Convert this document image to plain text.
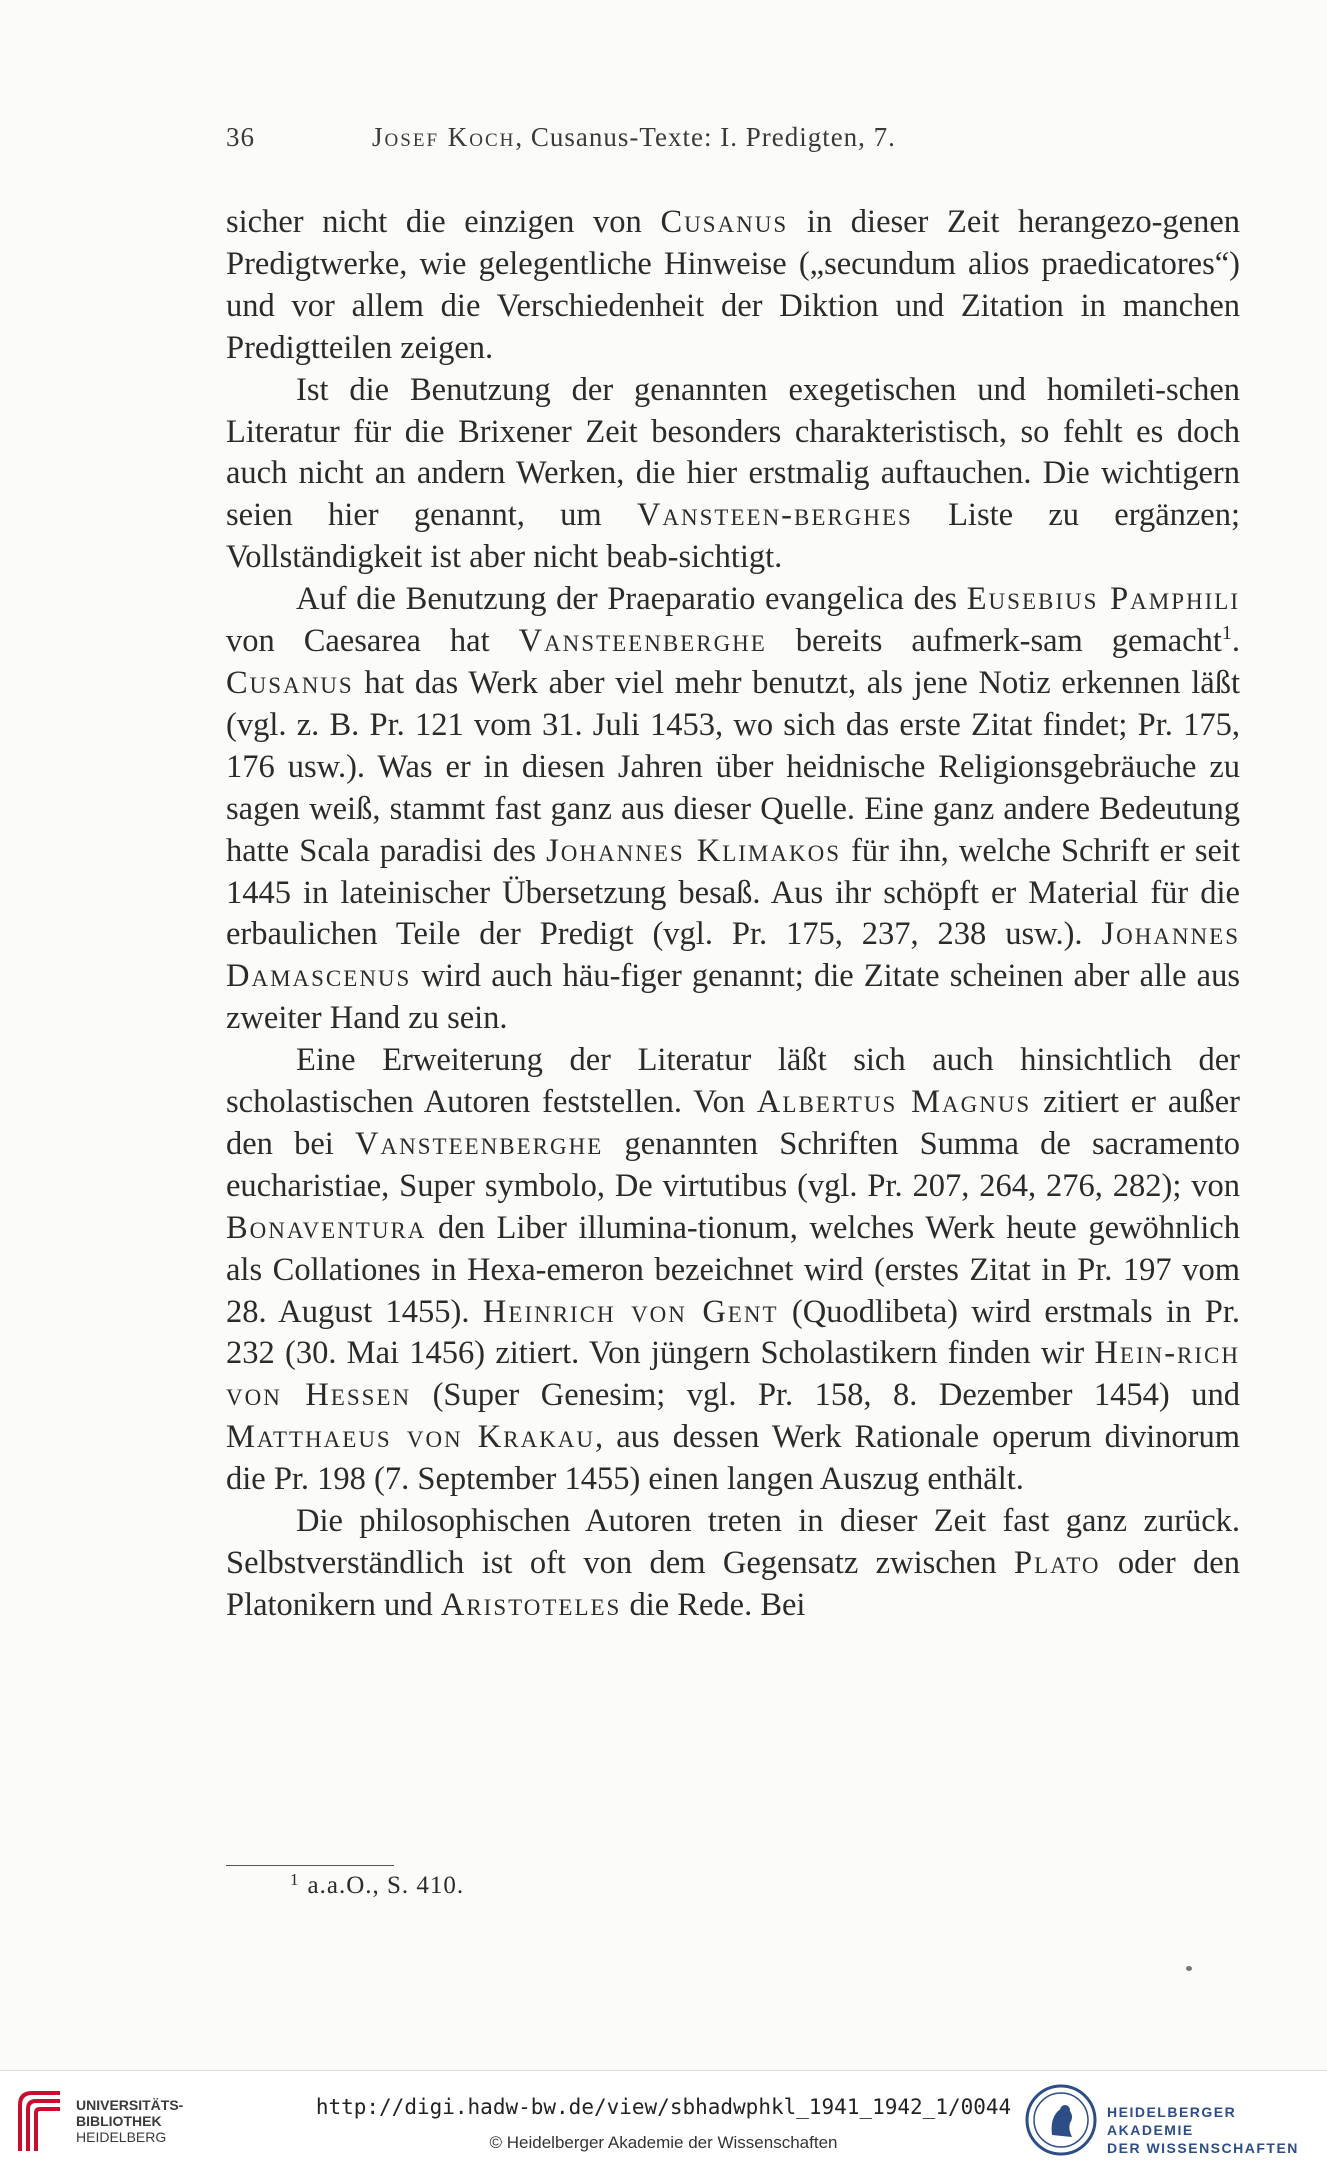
36	Josef Koch, Cusanus-Texte: I. Predigten, 7.

sicher nicht die einzigen von Cusanus in dieser Zeit herangezo-genen Predigtwerke, wie gelegentliche Hinweise („secundum alios praedicatores“) und vor allem die Verschiedenheit der Diktion und Zitation in manchen Predigtteilen zeigen.

Ist die Benutzung der genannten exegetischen und homileti-schen Literatur für die Brixener Zeit besonders charakteristisch, so fehlt es doch auch nicht an andern Werken, die hier erstmalig auftauchen. Die wichtigern seien hier genannt, um Vansteen-berghes Liste zu ergänzen; Vollständigkeit ist aber nicht beab-sichtigt.

Auf die Benutzung der Praeparatio evangelica des Eusebius Pamphili von Caesarea hat Vansteenberghe bereits aufmerk-sam gemacht$^1$. Cusanus hat das Werk aber viel mehr benutzt, als jene Notiz erkennen läßt (vgl. z. B. Pr. 121 vom 31. Juli 1453, wo sich das erste Zitat findet; Pr. 175, 176 usw.). Was er in diesen Jahren über heidnische Religionsgebräuche zu sagen weiß, stammt fast ganz aus dieser Quelle. Eine ganz andere Bedeutung hatte Scala paradisi des Johannes Klimakos für ihn, welche Schrift er seit 1445 in lateinischer Übersetzung besaß. Aus ihr schöpft er Material für die erbaulichen Teile der Predigt (vgl. Pr. 175, 237, 238 usw.). Johannes Damascenus wird auch häu-figer genannt; die Zitate scheinen aber alle aus zweiter Hand zu sein.

Eine Erweiterung der Literatur läßt sich auch hinsichtlich der scholastischen Autoren feststellen. Von Albertus Magnus zitiert er außer den bei Vansteenberghe genannten Schriften Summa de sacramento eucharistiae, Super symbolo, De virtutibus (vgl. Pr. 207, 264, 276, 282); von Bonaventura den Liber illumina-tionum, welches Werk heute gewöhnlich als Collationes in Hexa-emeron bezeichnet wird (erstes Zitat in Pr. 197 vom 28. August 1455). Heinrich von Gent (Quodlibeta) wird erstmals in Pr. 232 (30. Mai 1456) zitiert. Von jüngern Scholastikern finden wir Hein-rich von Hessen (Super Genesim; vgl. Pr. 158, 8. Dezember 1454) und Matthaeus von Krakau, aus dessen Werk Rationale operum divinorum die Pr. 198 (7. September 1455) einen langen Auszug enthält.

Die philosophischen Autoren treten in dieser Zeit fast ganz zurück. Selbstverständlich ist oft von dem Gegensatz zwischen Plato oder den Platonikern und Aristoteles die Rede. Bei

$^1$ a.a.O., S. 410.
UNIVERSITÄTS-
BIBLIOTHEK
HEIDELBERG
http://digi.hadw-bw.de/view/sbhadwphkl_1941_1942_1/0044
© Heidelberger Akademie der Wissenschaften
HEIDELBERGER AKADEMIE
DER WISSENSCHAFTEN
